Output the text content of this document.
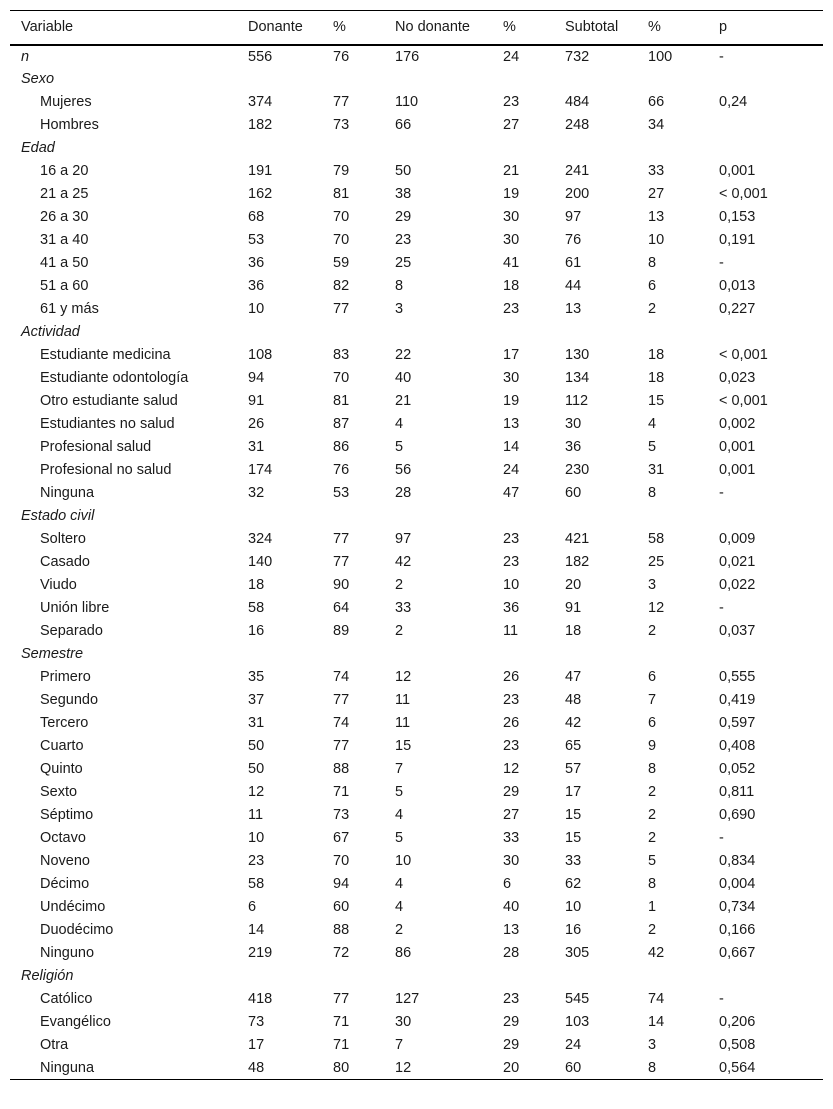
Variable	Donante	%	No donante	%	Subtotal	%	p
n	556	76	176	24	732	100	-
Sexo							
Mujeres	374	77	110	23	484	66	0,24
Hombres	182	73	66	27	248	34	
Edad							
16 a 20	191	79	50	21	241	33	0,001
21 a 25	162	81	38	19	200	27	< 0,001
26 a 30	68	70	29	30	97	13	0,153
31 a 40	53	70	23	30	76	10	0,191
41 a 50	36	59	25	41	61	8	-
51 a 60	36	82	8	18	44	6	0,013
61 y más	10	77	3	23	13	2	0,227
Actividad							
Estudiante medicina	108	83	22	17	130	18	< 0,001
Estudiante odontología	94	70	40	30	134	18	0,023
Otro estudiante salud	91	81	21	19	112	15	< 0,001
Estudiantes no salud	26	87	4	13	30	4	0,002
Profesional salud	31	86	5	14	36	5	0,001
Profesional no salud	174	76	56	24	230	31	0,001
Ninguna	32	53	28	47	60	8	-
Estado civil							
Soltero	324	77	97	23	421	58	0,009
Casado	140	77	42	23	182	25	0,021
Viudo	18	90	2	10	20	3	0,022
Unión libre	58	64	33	36	91	12	-
Separado	16	89	2	11	18	2	0,037
Semestre							
Primero	35	74	12	26	47	6	0,555
Segundo	37	77	11	23	48	7	0,419
Tercero	31	74	11	26	42	6	0,597
Cuarto	50	77	15	23	65	9	0,408
Quinto	50	88	7	12	57	8	0,052
Sexto	12	71	5	29	17	2	0,811
Séptimo	11	73	4	27	15	2	0,690
Octavo	10	67	5	33	15	2	-
Noveno	23	70	10	30	33	5	0,834
Décimo	58	94	4	6	62	8	0,004
Undécimo	6	60	4	40	10	1	0,734
Duodécimo	14	88	2	13	16	2	0,166
Ninguno	219	72	86	28	305	42	0,667
Religión							
Católico	418	77	127	23	545	74	-
Evangélico	73	71	30	29	103	14	0,206
Otra	17	71	7	29	24	3	0,508
Ninguna	48	80	12	20	60	8	0,564
